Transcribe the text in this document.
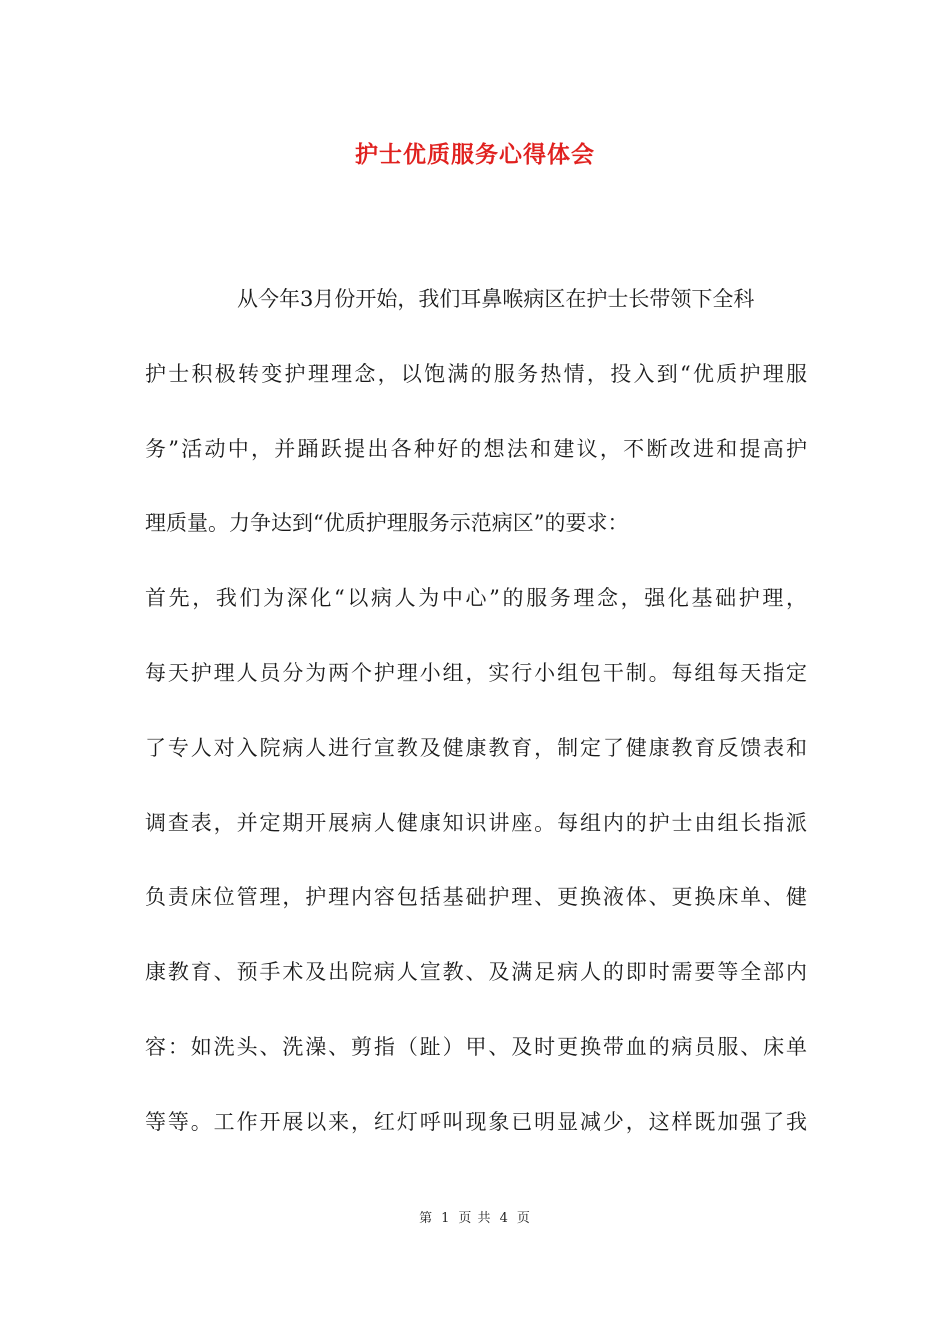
护士优质服务心得体会
从今年3月份开始，我们耳鼻喉病区在护士长带领下全科
护士积极转变护理理念，以饱满的服务热情，投入到“优质护理服
务”活动中，并踊跃提出各种好的想法和建议，不断改进和提高护
理质量。力争达到“优质护理服务示范病区”的要求：
首先，我们为深化“以病人为中心”的服务理念，强化基础护理，
每天护理人员分为两个护理小组，实行小组包干制。每组每天指定
了专人对入院病人进行宣教及健康教育，制定了健康教育反馈表和
调查表，并定期开展病人健康知识讲座。每组内的护士由组长指派
负责床位管理，护理内容包括基础护理、更换液体、更换床单、健
康教育、预手术及出院病人宣教、及满足病人的即时需要等全部内
容：如洗头、洗澡、剪指（趾）甲、及时更换带血的病员服、床单
等等。工作开展以来，红灯呼叫现象已明显减少，这样既加强了我
第 1 页 共 4 页
